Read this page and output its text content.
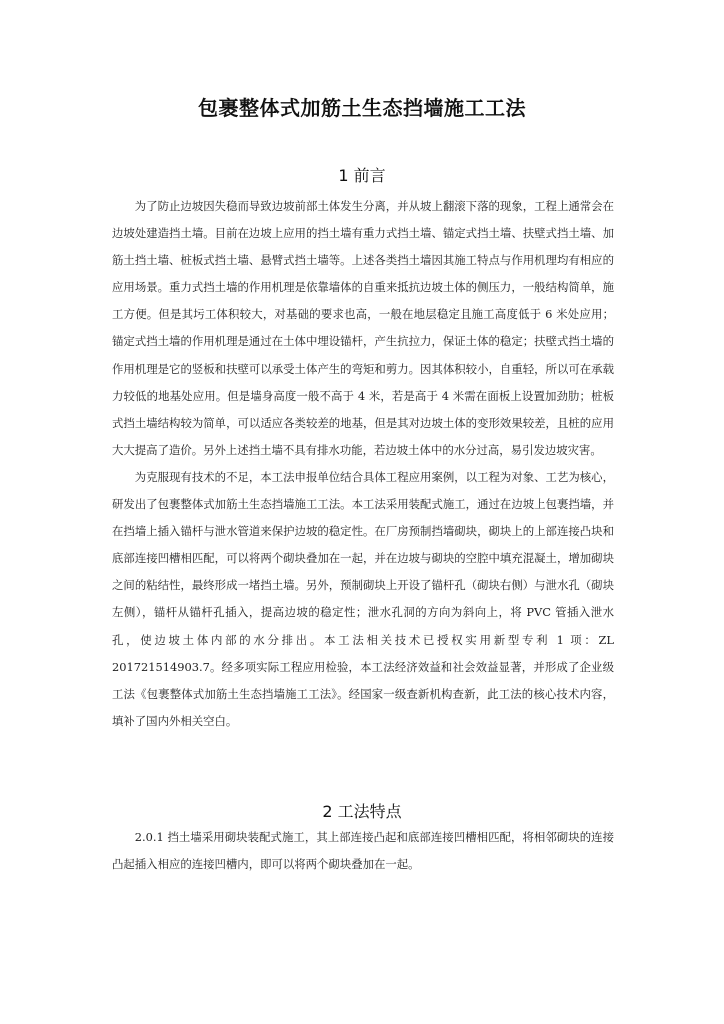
包裹整体式加筋土生态挡墙施工工法
1 前言

为了防止边坡因失稳而导致边坡前部土体发生分离，并从坡上翻滚下落的现象，工程上通常会在边坡处建造挡土墙。目前在边坡上应用的挡土墙有重力式挡土墙、锚定式挡土墙、扶壁式挡土墙、加筋土挡土墙、桩板式挡土墙、悬臂式挡土墙等。上述各类挡土墙因其施工特点与作用机理均有相应的应用场景。重力式挡土墙的作用机理是依靠墙体的自重来抵抗边坡土体的侧压力，一般结构简单，施工方便。但是其圬工体积较大，对基础的要求也高，一般在地层稳定且施工高度低于 6 米处应用；锚定式挡土墙的作用机理是通过在土体中埋设锚杆，产生抗拉力，保证土体的稳定；扶壁式挡土墙的作用机理是它的竖板和扶壁可以承受土体产生的弯矩和剪力。因其体积较小，自重轻，所以可在承载力较低的地基处应用。但是墙身高度一般不高于 4 米，若是高于 4 米需在面板上设置加劲肋；桩板式挡土墙结构较为简单，可以适应各类较差的地基，但是其对边坡土体的变形效果较差，且桩的应用大大提高了造价。另外上述挡土墙不具有排水功能，若边坡土体中的水分过高，易引发边坡灾害。

为克服现有技术的不足，本工法申报单位结合具体工程应用案例，以工程为对象、工艺为核心，研发出了包裹整体式加筋土生态挡墙施工工法。本工法采用装配式施工，通过在边坡上包裹挡墙，并在挡墙上插入锚杆与泄水管道来保护边坡的稳定性。在厂房预制挡墙砌块，砌块上的上部连接凸块和底部连接凹槽相匹配，可以将两个砌块叠加在一起，并在边坡与砌块的空腔中填充混凝土，增加砌块之间的粘结性，最终形成一堵挡土墙。另外，预制砌块上开设了锚杆孔（砌块右侧）与泄水孔（砌块左侧），锚杆从锚杆孔插入，提高边坡的稳定性；泄水孔洞的方向为斜向上，将 PVC 管插入泄水孔，使边坡土体内部的水分排出。本工法相关技术已授权实用新型专利 1 项：ZL 201721514903.7。经多项实际工程应用检验，本工法经济效益和社会效益显著，并形成了企业级工法《包裹整体式加筋土生态挡墙施工工法》。经国家一级查新机构查新，此工法的核心技术内容，填补了国内外相关空白。

2 工法特点

2.0.1 挡土墙采用砌块装配式施工，其上部连接凸起和底部连接凹槽相匹配，将相邻砌块的连接凸起插入相应的连接凹槽内，即可以将两个砌块叠加在一起。
